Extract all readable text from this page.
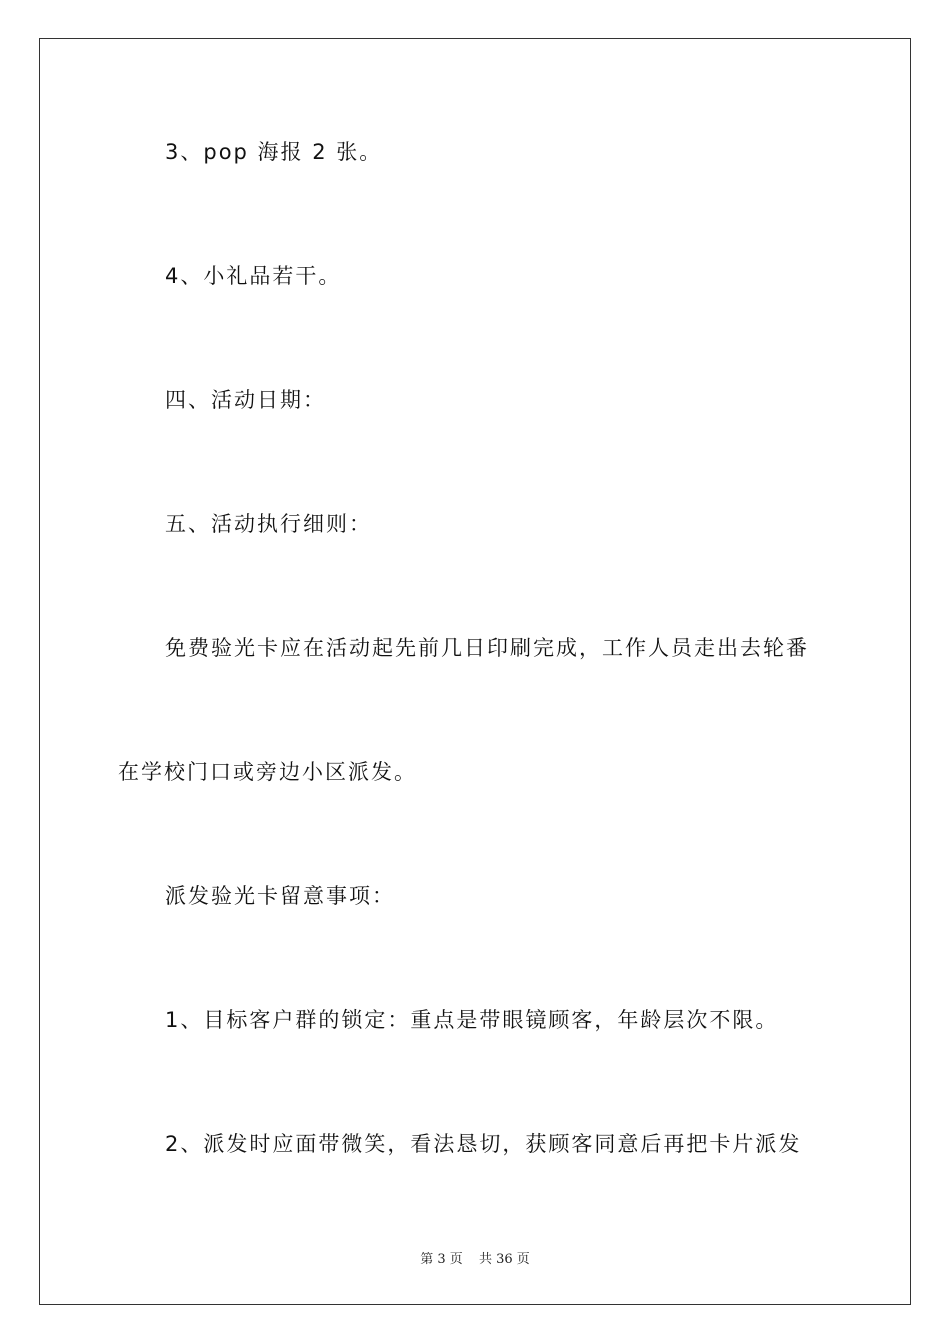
3、pop 海报 2 张。
4、小礼品若干。
四、活动日期：
五、活动执行细则：
免费验光卡应在活动起先前几日印刷完成，工作人员走出去轮番
在学校门口或旁边小区派发。
派发验光卡留意事项：
1、目标客户群的锁定：重点是带眼镜顾客，年龄层次不限。
2、派发时应面带微笑，看法恳切，获顾客同意后再把卡片派发
第 3 页 共 36 页
